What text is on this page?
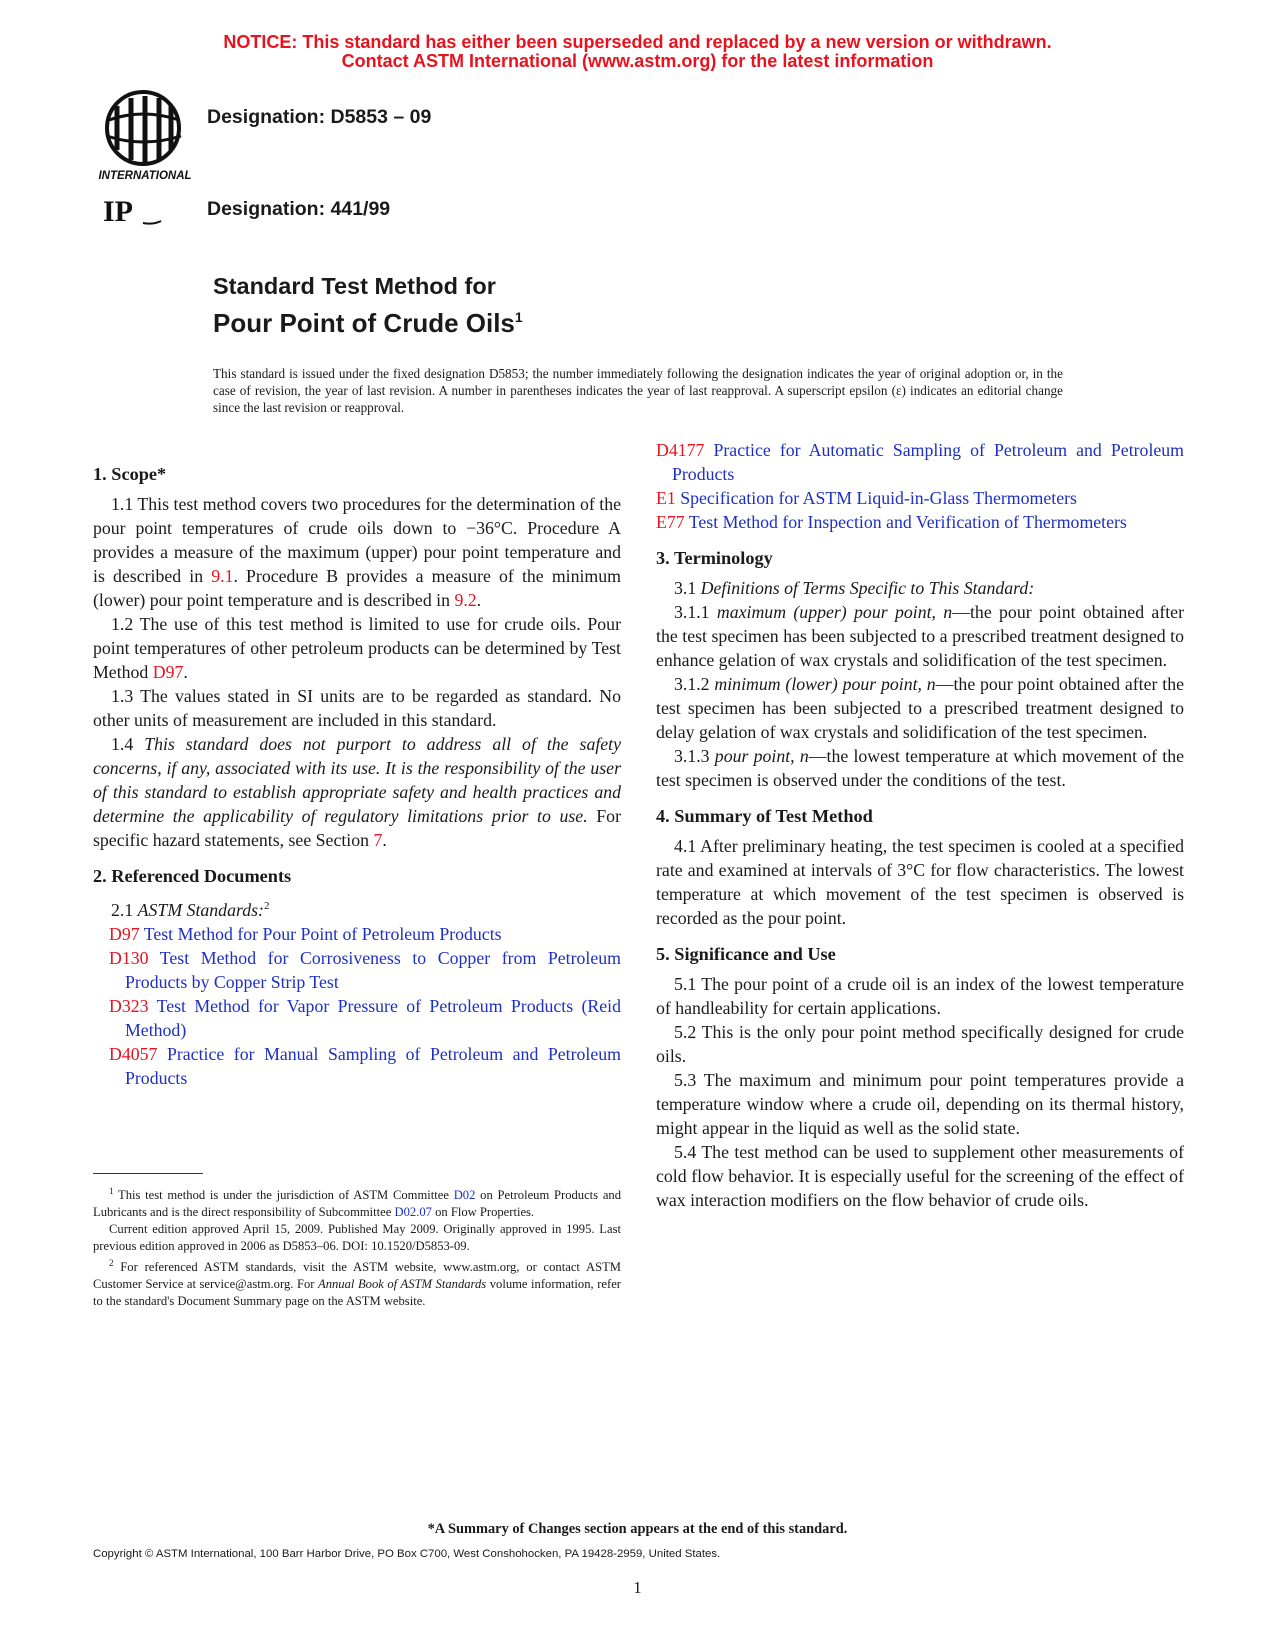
NOTICE: This standard has either been superseded and replaced by a new version or withdrawn.
Contact ASTM International (www.astm.org) for the latest information
INTERNATIONAL
IP
Designation: D5853 – 09
Designation: 441/99
Standard Test Method for
Pour Point of Crude Oils$^1$
This standard is issued under the fixed designation D5853; the number immediately following the designation indicates the year of original adoption or, in the case of revision, the year of last revision. A number in parentheses indicates the year of last reapproval. A superscript epsilon (ε) indicates an editorial change since the last revision or reapproval.
1. Scope*

1.1 This test method covers two procedures for the determination of the pour point temperatures of crude oils down to −36°C. Procedure A provides a measure of the maximum (upper) pour point temperature and is described in 9.1. Procedure B provides a measure of the minimum (lower) pour point temperature and is described in 9.2.

1.2 The use of this test method is limited to use for crude oils. Pour point temperatures of other petroleum products can be determined by Test Method D97.

1.3 The values stated in SI units are to be regarded as standard. No other units of measurement are included in this standard.

1.4 This standard does not purport to address all of the safety concerns, if any, associated with its use. It is the responsibility of the user of this standard to establish appropriate safety and health practices and determine the applicability of regulatory limitations prior to use. For specific hazard statements, see Section 7.

2. Referenced Documents

2.1 ASTM Standards:$^2$

D97 Test Method for Pour Point of Petroleum Products

D130 Test Method for Corrosiveness to Copper from Petroleum Products by Copper Strip Test

D323 Test Method for Vapor Pressure of Petroleum Products (Reid Method)

D4057 Practice for Manual Sampling of Petroleum and Petroleum Products

D4177 Practice for Automatic Sampling of Petroleum and Petroleum Products

E1 Specification for ASTM Liquid-in-Glass Thermometers

E77 Test Method for Inspection and Verification of Thermometers

3. Terminology

3.1 Definitions of Terms Specific to This Standard:

3.1.1 maximum (upper) pour point, n—the pour point obtained after the test specimen has been subjected to a prescribed treatment designed to enhance gelation of wax crystals and solidification of the test specimen.

3.1.2 minimum (lower) pour point, n—the pour point obtained after the test specimen has been subjected to a prescribed treatment designed to delay gelation of wax crystals and solidification of the test specimen.

3.1.3 pour point, n—the lowest temperature at which movement of the test specimen is observed under the conditions of the test.

4. Summary of Test Method

4.1 After preliminary heating, the test specimen is cooled at a specified rate and examined at intervals of 3°C for flow characteristics. The lowest temperature at which movement of the test specimen is observed is recorded as the pour point.

5. Significance and Use

5.1 The pour point of a crude oil is an index of the lowest temperature of handleability for certain applications.

5.2 This is the only pour point method specifically designed for crude oils.

5.3 The maximum and minimum pour point temperatures provide a temperature window where a crude oil, depending on its thermal history, might appear in the liquid as well as the solid state.

5.4 The test method can be used to supplement other measurements of cold flow behavior. It is especially useful for the screening of the effect of wax interaction modifiers on the flow behavior of crude oils.

$^1$ This test method is under the jurisdiction of ASTM Committee D02 on Petroleum Products and Lubricants and is the direct responsibility of Subcommittee D02.07 on Flow Properties.

Current edition approved April 15, 2009. Published May 2009. Originally approved in 1995. Last previous edition approved in 2006 as D5853–06. DOI: 10.1520/D5853-09.

$^2$ For referenced ASTM standards, visit the ASTM website, www.astm.org, or contact ASTM Customer Service at service@astm.org. For Annual Book of ASTM Standards volume information, refer to the standard's Document Summary page on the ASTM website.

*A Summary of Changes section appears at the end of this standard.
Copyright © ASTM International, 100 Barr Harbor Drive, PO Box C700, West Conshohocken, PA 19428-2959, United States.
1
